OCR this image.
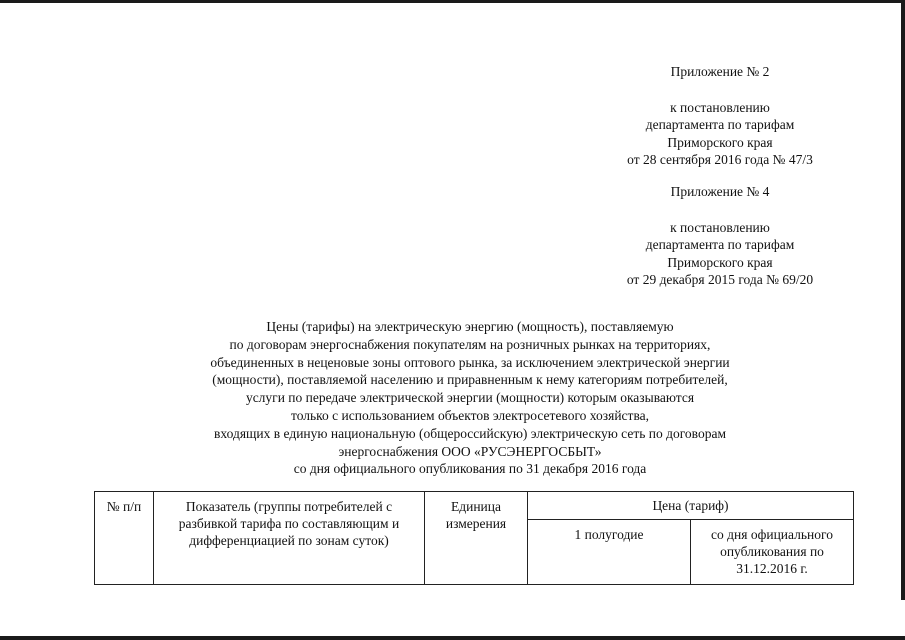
Приложение № 2
к постановлению
департамента по тарифам
Приморского края
от 28 сентября 2016 года № 47/3
Приложение № 4
к постановлению
департамента по тарифам
Приморского края
от 29 декабря 2015 года № 69/20
Цены (тарифы) на электрическую энергию (мощность), поставляемую
по договорам энергоснабжения покупателям на розничных рынках на территориях,
объединенных в неценовые зоны оптового рынка, за исключением электрической энергии
(мощности), поставляемой населению и приравненным к нему категориям потребителей,
услуги по передаче электрической энергии (мощности) которым оказываются
только с использованием объектов электросетевого хозяйства,
входящих в единую национальную (общероссийскую) электрическую сеть по договорам
энергоснабжения ООО «РУСЭНЕРГОСБЫТ»
со дня официального опубликования по 31 декабря 2016 года
№ п/п	Показатель (группы потребителей с разбивкой тарифа по составляющим и дифференциацией по зонам суток)	Единица измерения	Цена (тариф)	
			1 полугодие	со дня официального опубликования по 31.12.2016 г.
